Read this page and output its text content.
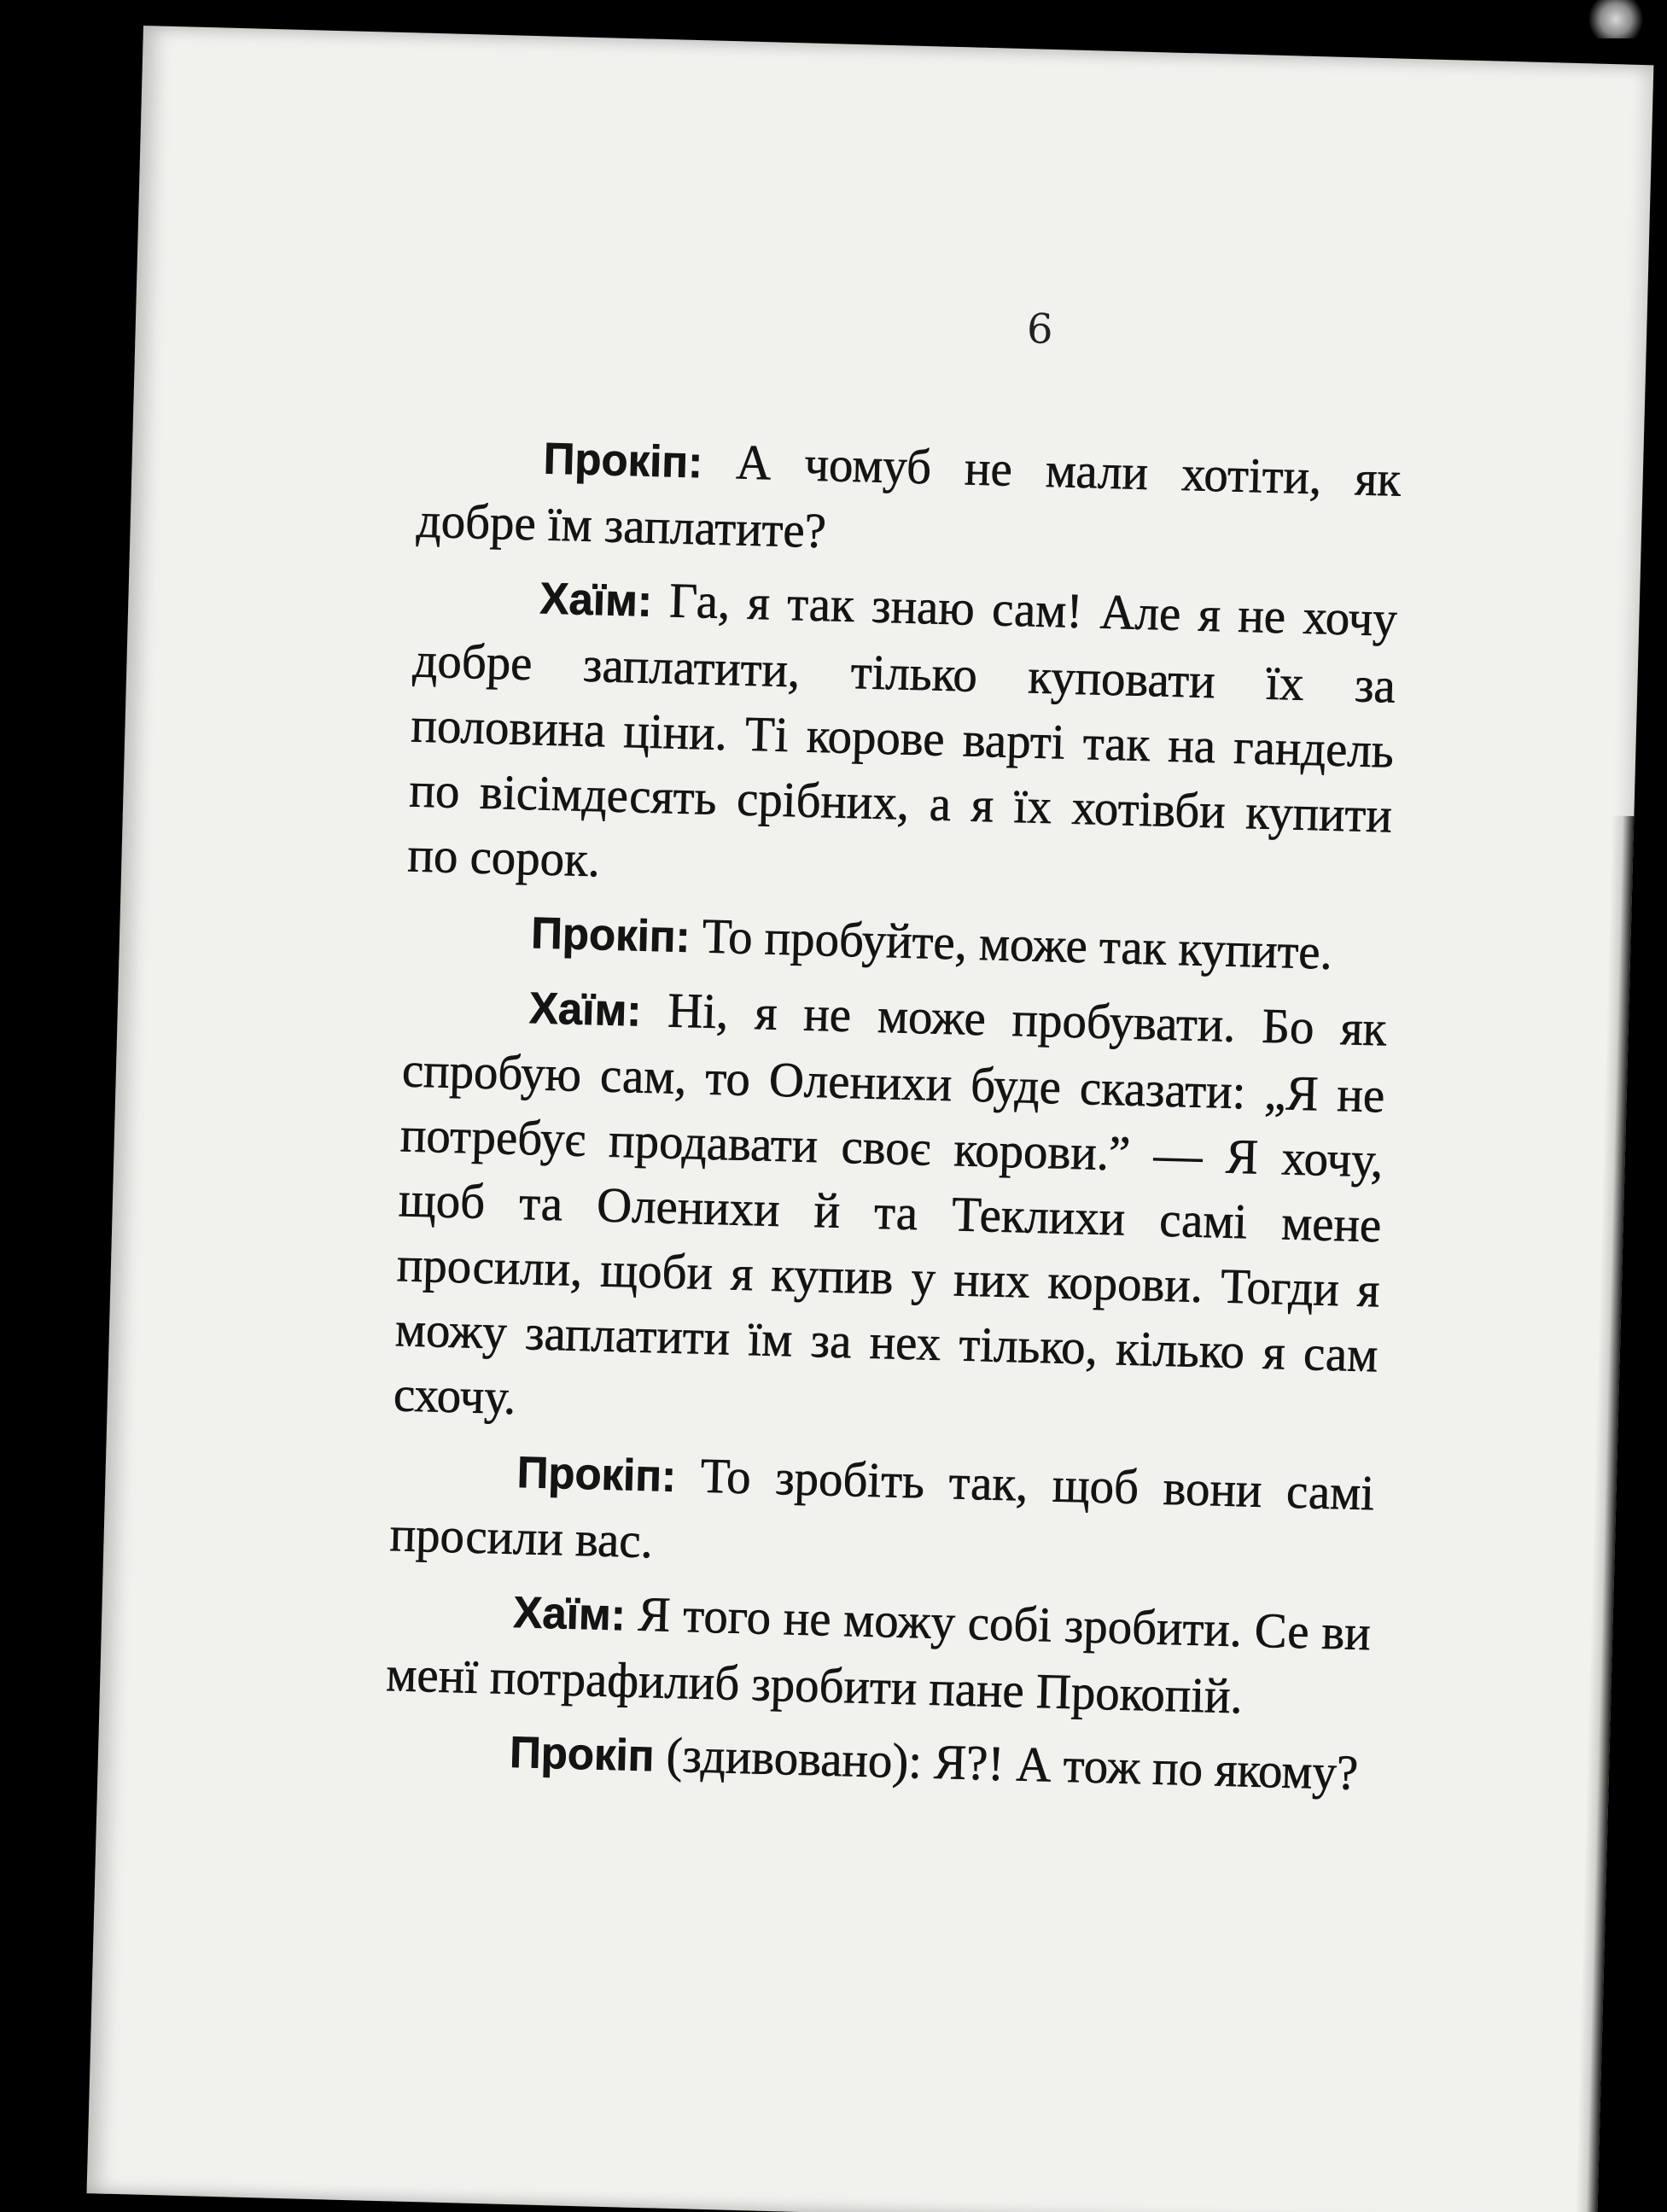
6

Прокіп: А чомуб не мали хотіти, як добре їм заплатите?

Хаїм: Га, я так знаю сам! Але я не хочу добре заплатити, тілько куповати їх за половина ціни. Ті корове варті так на гандель по вісімдесять срібних, а я їх хотівби купити по сорок.

Прокіп: То пробуйте, може так купите.

Хаїм: Ні, я не може пробувати. Бо як спробую сам, то Оленихи буде сказати: „Я не потребує продавати своє корови.” — Я хочу, щоб та Оленихи й та Теклихи самі мене просили, щоби я купив у них корови. Тогди я можу заплатити їм за нех тілько, кілько я сам схочу.

Прокіп: То зробіть так, щоб вони самі просили вас.

Хаїм: Я того не можу собі зробити. Се ви менї потрафилиб зробити пане Прокопій.

Прокіп (здивовано): Я?! А тож по якому?
